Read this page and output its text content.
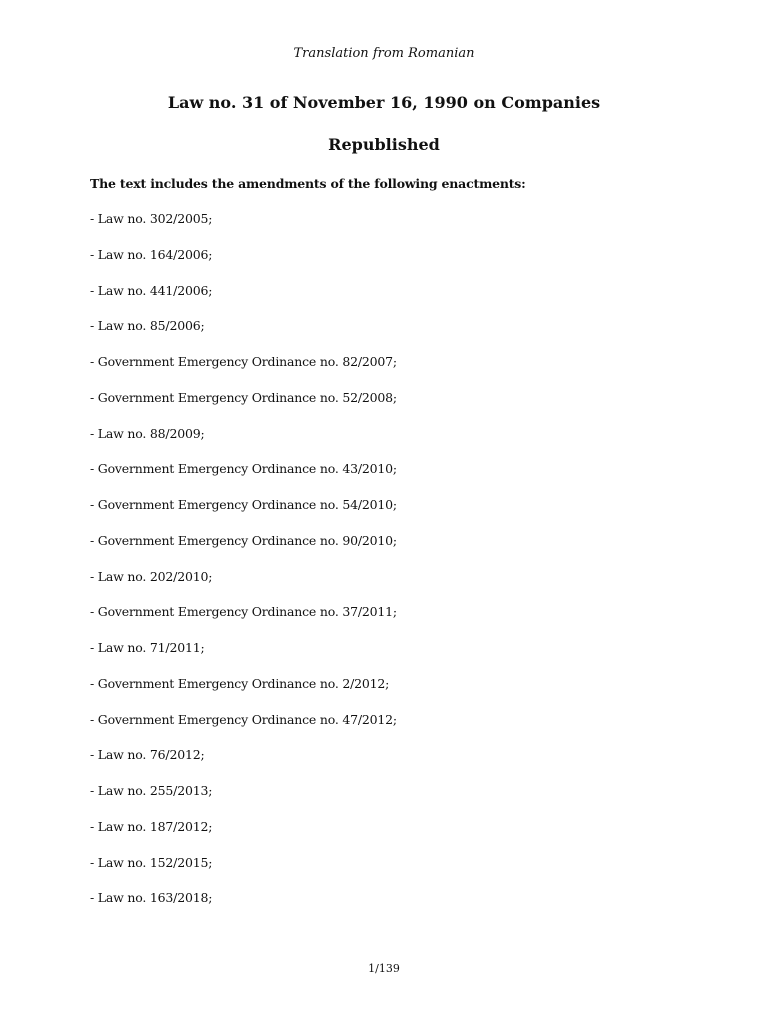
Translation from Romanian
Law no. 31 of November 16, 1990 on Companies
Republished
The text includes the amendments of the following enactments:
- Law no. 302/2005;
- Law no. 164/2006;
- Law no. 441/2006;
- Law no. 85/2006;
- Government Emergency Ordinance no. 82/2007;
- Government Emergency Ordinance no. 52/2008;
- Law no. 88/2009;
- Government Emergency Ordinance no. 43/2010;
- Government Emergency Ordinance no. 54/2010;
- Government Emergency Ordinance no. 90/2010;
- Law no. 202/2010;
- Government Emergency Ordinance no. 37/2011;
- Law no. 71/2011;
- Government Emergency Ordinance no. 2/2012;
- Government Emergency Ordinance no. 47/2012;
- Law no. 76/2012;
- Law no. 255/2013;
- Law no. 187/2012;
- Law no. 152/2015;
- Law no. 163/2018;
1/139
